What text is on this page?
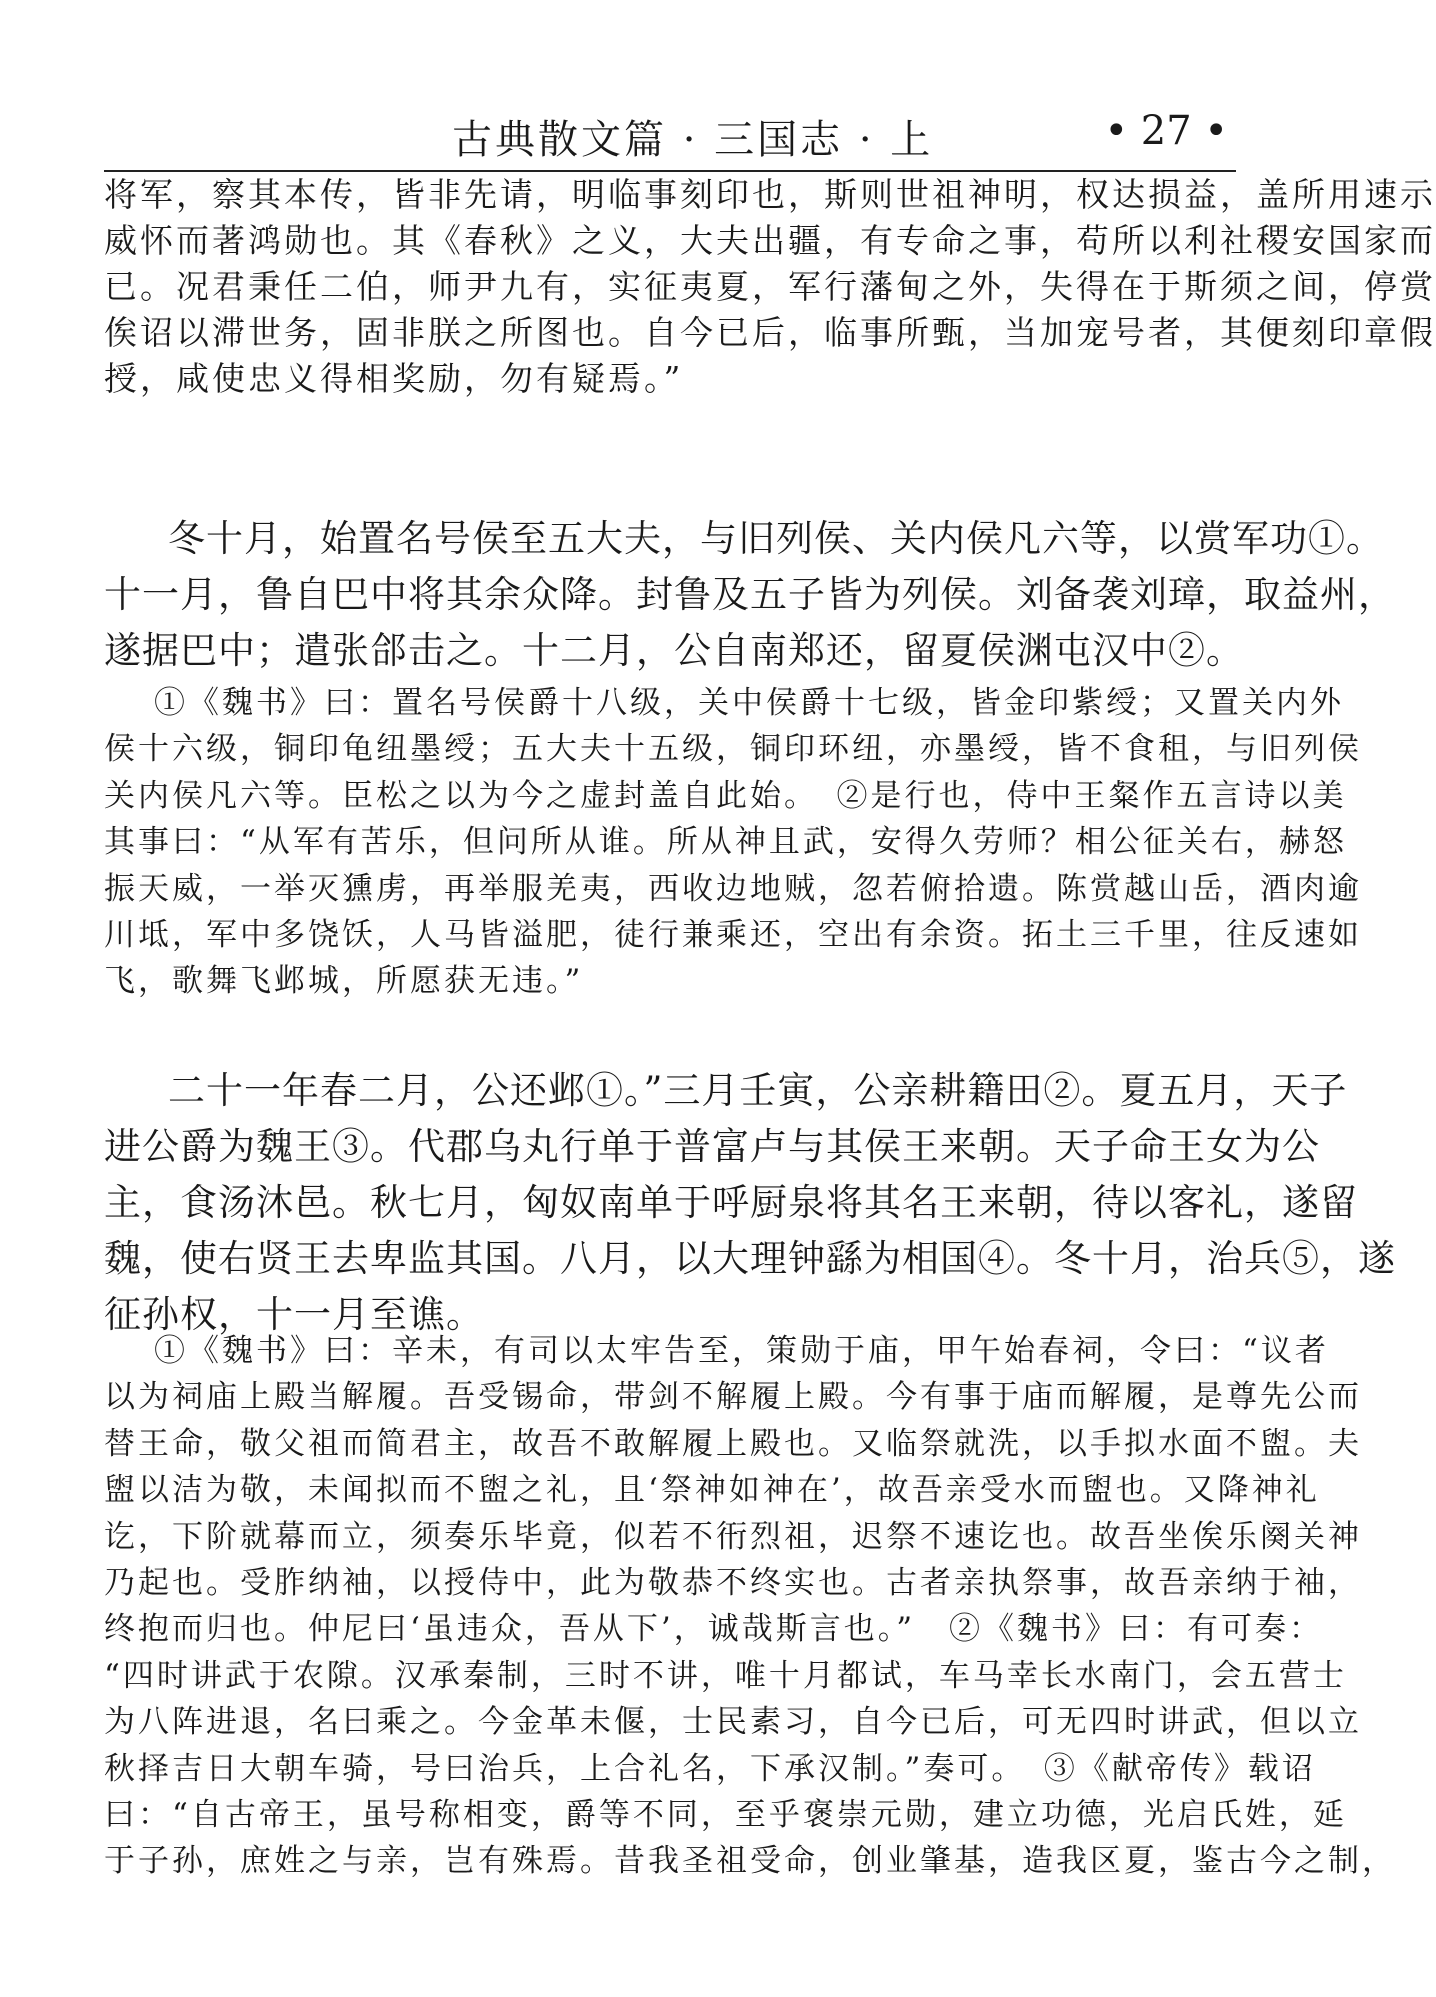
古典散文篇 · 三国志 · 上	• 27 •
将军，察其本传，皆非先请，明临事刻印也，斯则世祖神明，权达损益，盖所用速示
威怀而著鸿勋也。其《春秋》之义，大夫出疆，有专命之事，苟所以利社稷安国家而
已。况君秉任二伯，师尹九有，实征夷夏，军行藩甸之外，失得在于斯须之间，停赏
俟诏以滞世务，固非朕之所图也。自今已后，临事所甄，当加宠号者，其便刻印章假
授，咸使忠义得相奖励，勿有疑焉。”
冬十月，始置名号侯至五大夫，与旧列侯、关内侯凡六等，以赏军功①。
十一月，鲁自巴中将其余众降。封鲁及五子皆为列侯。刘备袭刘璋，取益州，
遂据巴中；遣张郃击之。十二月，公自南郑还，留夏侯渊屯汉中②。
①《魏书》曰：置名号侯爵十八级，关中侯爵十七级，皆金印紫绶；又置关内外
侯十六级，铜印龟纽墨绶；五大夫十五级，铜印环纽，亦墨绶，皆不食租，与旧列侯
关内侯凡六等。臣松之以为今之虚封盖自此始。　②是行也，侍中王粲作五言诗以美
其事曰：“从军有苦乐，但问所从谁。所从神且武，安得久劳师？相公征关右，赫怒
振天威，一举灭獯虏，再举服羌夷，西收边地贼，忽若俯拾遗。陈赏越山岳，酒肉逾
川坻，军中多饶饫，人马皆溢肥，徒行兼乘还，空出有余资。拓土三千里，往反速如
飞，歌舞飞邺城，所愿获无违。”
二十一年春二月，公还邺①。”三月壬寅，公亲耕籍田②。夏五月，天子
进公爵为魏王③。代郡乌丸行单于普富卢与其侯王来朝。天子命王女为公
主，食汤沐邑。秋七月，匈奴南单于呼厨泉将其名王来朝，待以客礼，遂留
魏，使右贤王去卑监其国。八月，以大理钟繇为相国④。冬十月，治兵⑤，遂
征孙权，十一月至谯。
①《魏书》曰：辛未，有司以太牢告至，策勋于庙，甲午始春祠，令曰：“议者
以为祠庙上殿当解履。吾受锡命，带剑不解履上殿。今有事于庙而解履，是尊先公而
替王命，敬父祖而简君主，故吾不敢解履上殿也。又临祭就洗，以手拟水面不盥。夫
盥以洁为敬，未闻拟而不盥之礼，且‘祭神如神在’，故吾亲受水而盥也。又降神礼
讫，下阶就幕而立，须奏乐毕竟，似若不衎烈祖，迟祭不速讫也。故吾坐俟乐阕关神
乃起也。受胙纳袖，以授侍中，此为敬恭不终实也。古者亲执祭事，故吾亲纳于袖，
终抱而归也。仲尼曰‘虽违众，吾从下’，诚哉斯言也。”　②《魏书》曰：有可奏：
“四时讲武于农隙。汉承秦制，三时不讲，唯十月都试，车马幸长水南门，会五营士
为八阵进退，名曰乘之。今金革未偃，士民素习，自今已后，可无四时讲武，但以立
秋择吉日大朝车骑，号曰治兵，上合礼名，下承汉制。”奏可。　③《献帝传》载诏
曰：“自古帝王，虽号称相变，爵等不同，至乎褒崇元勋，建立功德，光启氏姓，延
于子孙，庶姓之与亲，岂有殊焉。昔我圣祖受命，创业肇基，造我区夏，鉴古今之制，
